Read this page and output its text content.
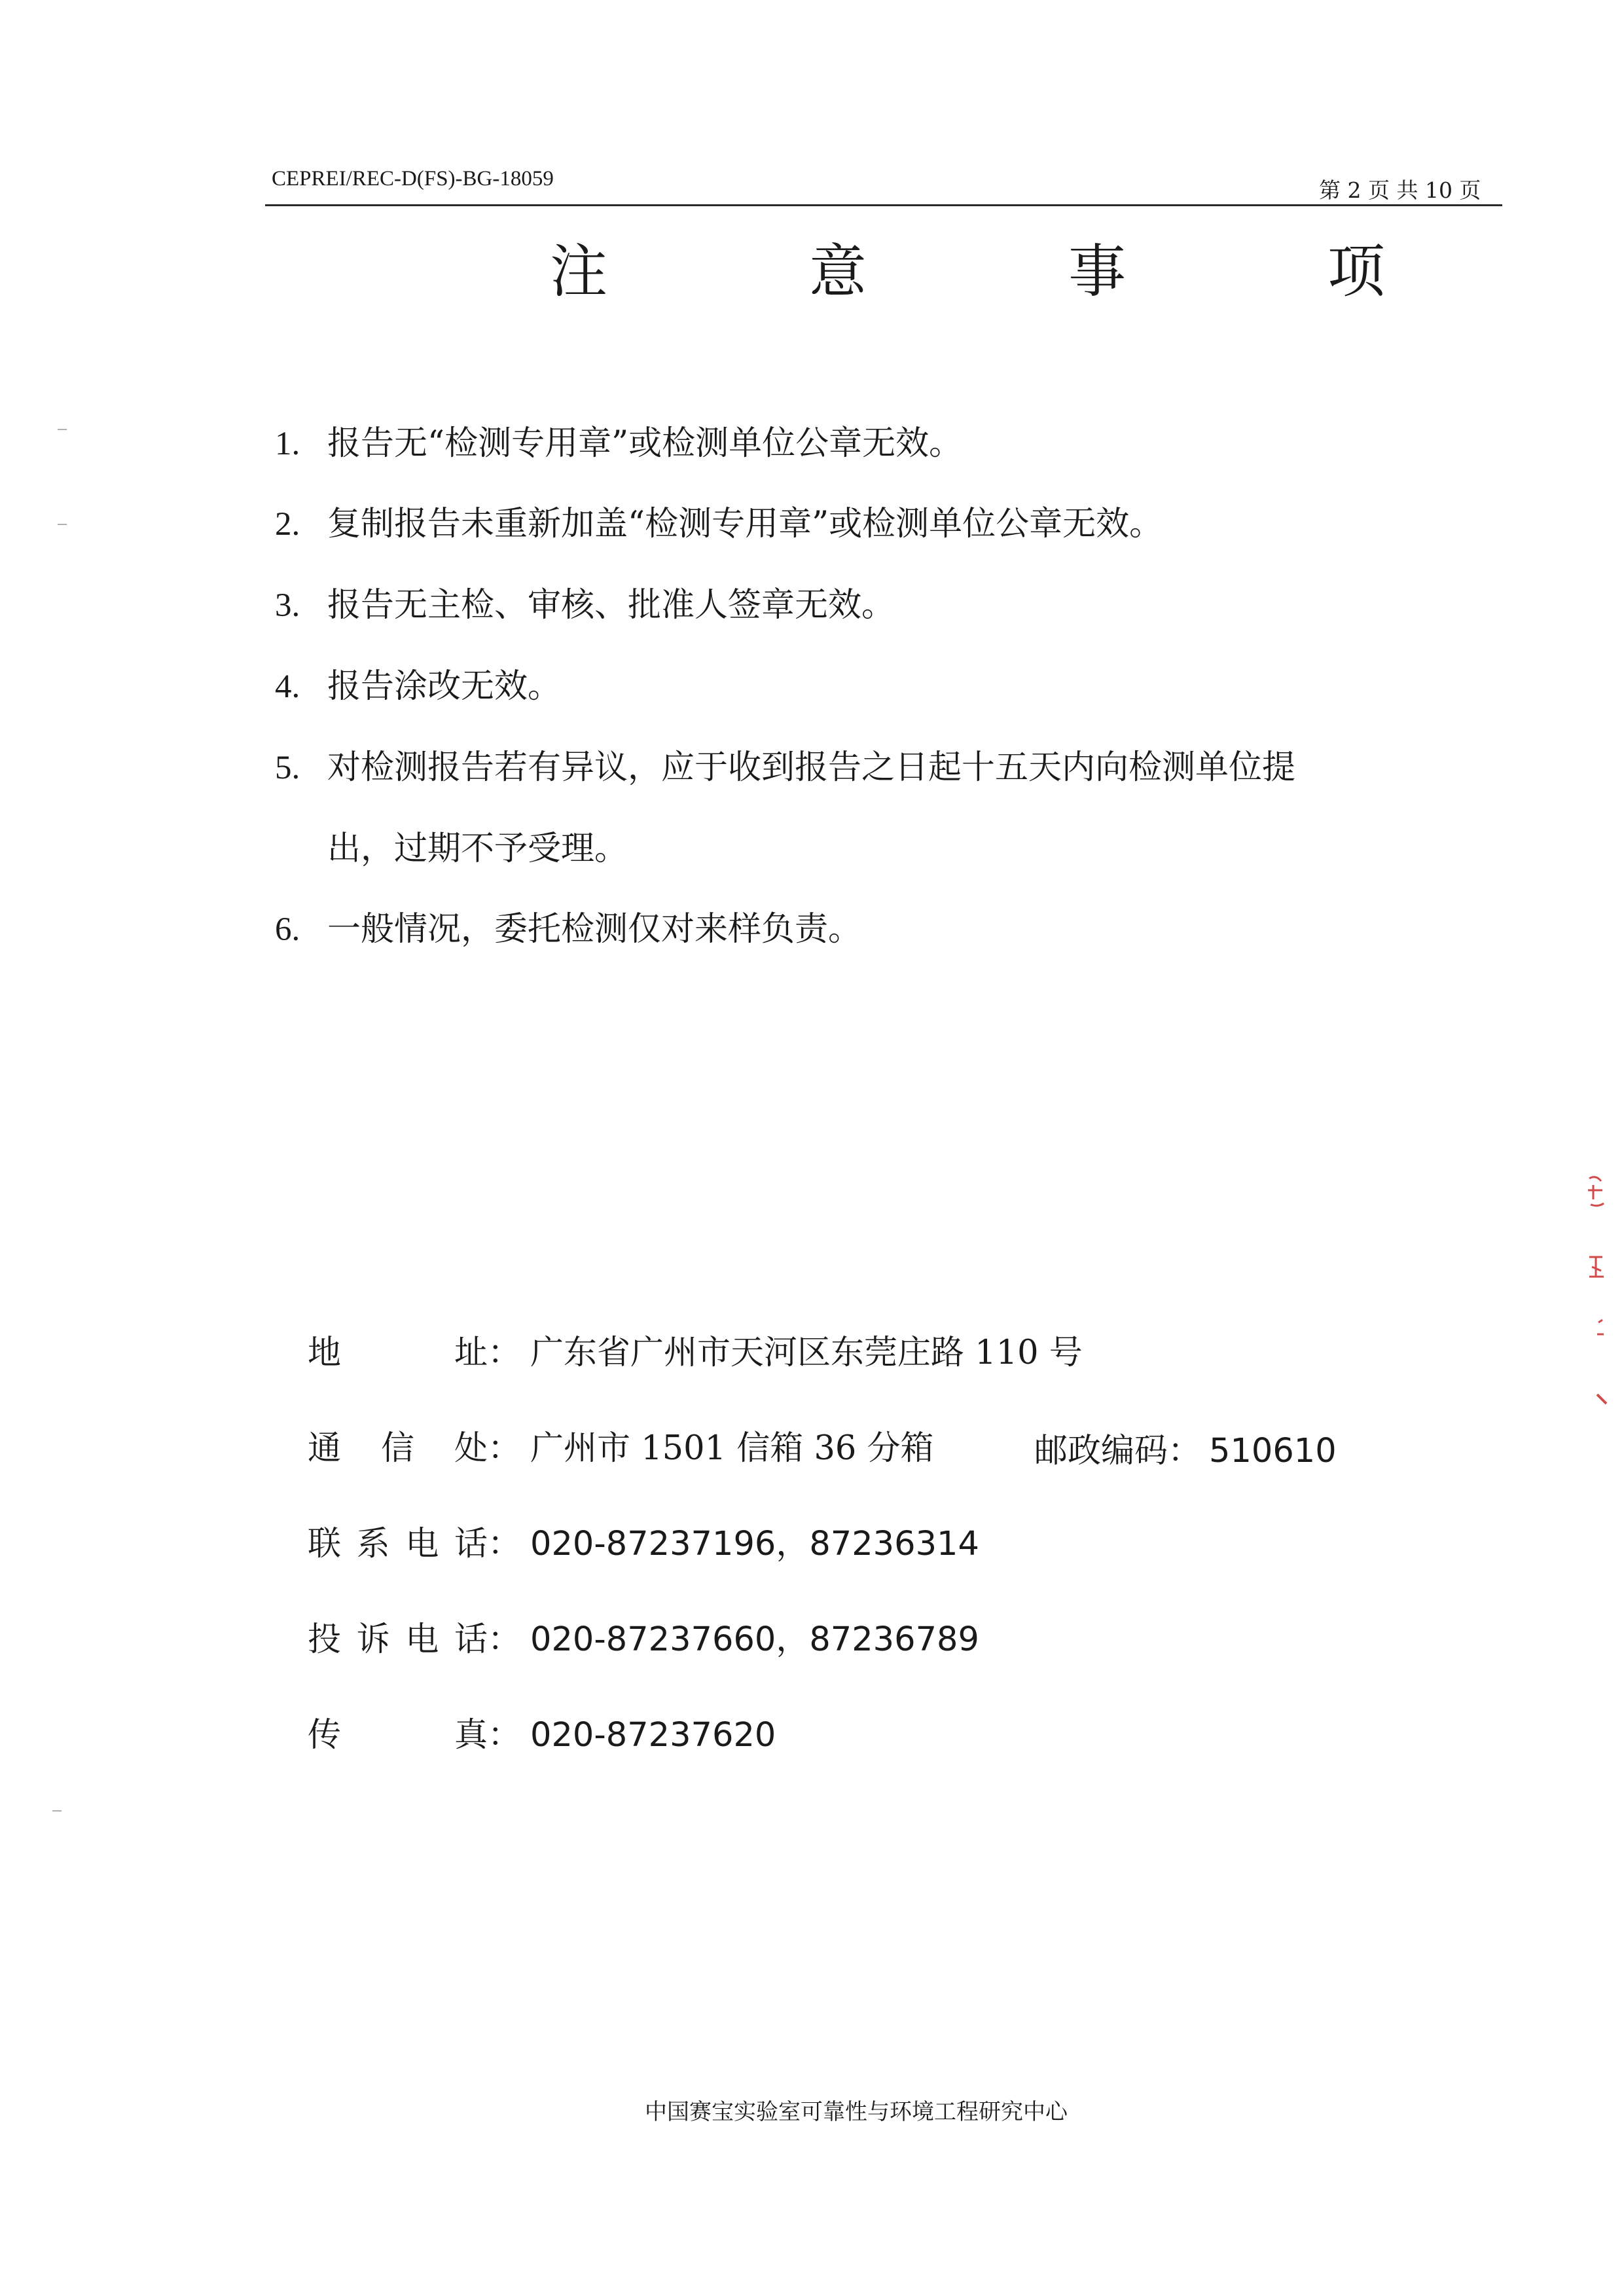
CEPREI/REC-D(FS)-BG-18059	第 2 页 共 10 页
注 意 事 项
1. 报告无“检测专用章”或检测单位公章无效。
2. 复制报告未重新加盖“检测专用章”或检测单位公章无效。
3. 报告无主检、审核、批准人签章无效。
4. 报告涂改无效。
5. 对检测报告若有异议，应于收到报告之日起十五天内向检测单位提
出，过期不予受理。
6. 一般情况，委托检测仅对来样负责。
地址： 广东省广州市天河区东莞庄路 110 号
通信处： 广州市 1501 信箱 36 分箱	邮政编码： 510610
联系电话： 020-87237196，87236314
投诉电话： 020-87237660，87236789
传真： 020-87237620
中国赛宝实验室可靠性与环境工程研究中心
